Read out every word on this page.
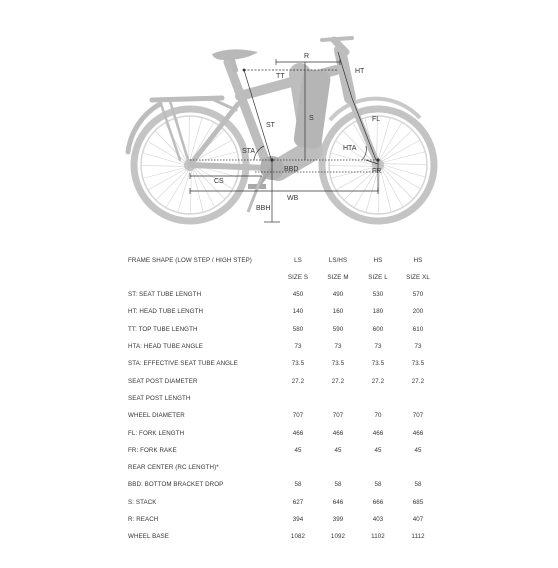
R
TT
HT
ST
S	FL
STA	HTA
BBD	FR
CS
WB
BBH
FRAME SHAPE (LOW STEP / HIGH STEP)	LS	LS/HS	HS	HS
	SIZE S	SIZE M	SIZE L	SIZE XL
ST: SEAT TUBE LENGTH	450	490	530	570
HT: HEAD TUBE LENGTH	140	160	180	200
TT: TOP TUBE LENGTH	580	590	600	610
HTA: HEAD TUBE ANGLE	73	73	73	73
STA: EFFECTIVE SEAT TUBE ANGLE	73.5	73.5	73.5	73.5
SEAT POST DIAMETER	27.2	27.2	27.2	27.2
SEAT POST LENGTH				
WHEEL DIAMETER	707	707	70	707
FL: FORK LENGTH	466	466	466	466
FR: FORK RAKE	45	45	45	45
REAR CENTER (RC LENGTH)*				
BBD: BOTTOM BRACKET DROP	58	58	58	58
S: STACK	627	646	666	685
R: REACH	394	399	403	407
WHEEL BASE	1082	1092	1102	1112
